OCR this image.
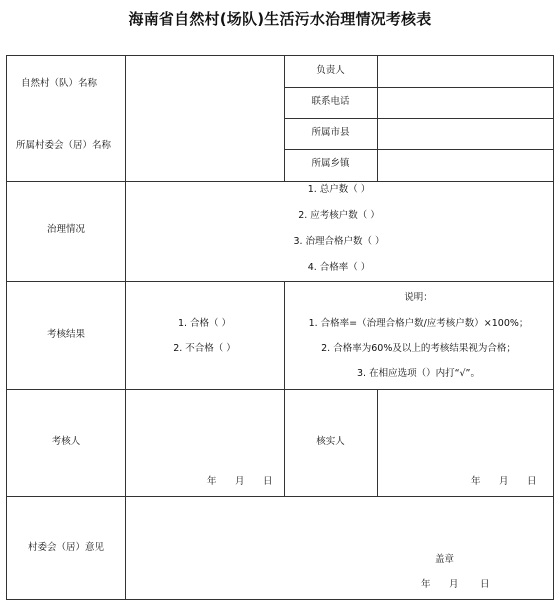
海南省自然村(场队)生活污水治理情况考核表
自然村（队）名称
所属村委会（居）名称
负责人
联系电话
所属市县
所属乡镇
治理情况
1. 总户数（ ）
2. 应考核户数（ ）
3. 治理合格户数（ ）
4. 合格率（ ）
考核结果
1. 合格（ ）
2. 不合格（ ）
说明：
1. 合格率=（治理合格户数/应考核户数）×100%；
2. 合格率为60%及以上的考核结果视为合格；
3. 在相应选项（）内打“√”。
考核人
年 月 日
核实人
年 月 日
村委会（居）意见
盖章
年 月 日
